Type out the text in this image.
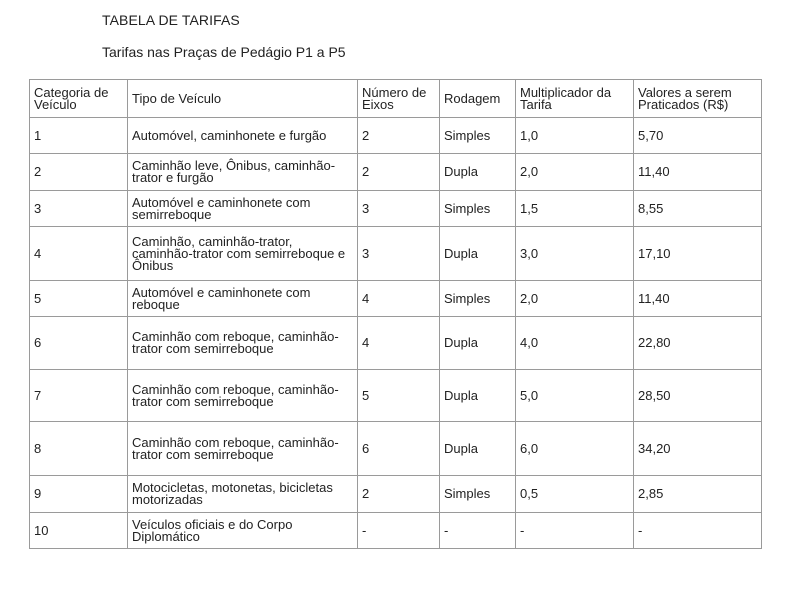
TABELA DE TARIFAS
Tarifas nas Praças de Pedágio P1 a P5
Categoria de Veículo	Tipo de Veículo	Número de Eixos	Rodagem	Multiplicador da Tarifa	Valores a serem Praticados (R$)
1	Automóvel, caminhonete e furgão	2	Simples	1,0	5,70
2	Caminhão leve, Ônibus, caminhão-trator e furgão	2	Dupla	2,0	11,40
3	Automóvel e caminhonete com semirreboque	3	Simples	1,5	8,55
4	Caminhão, caminhão-trator, caminhão-trator com semirreboque e Ônibus	3	Dupla	3,0	17,10
5	Automóvel e caminhonete com reboque	4	Simples	2,0	11,40
6	Caminhão com reboque, caminhão-trator com semirreboque	4	Dupla	4,0	22,80
7	Caminhão com reboque, caminhão-trator com semirreboque	5	Dupla	5,0	28,50
8	Caminhão com reboque, caminhão-trator com semirreboque	6	Dupla	6,0	34,20
9	Motocicletas, motonetas, bicicletas motorizadas	2	Simples	0,5	2,85
10	Veículos oficiais e do Corpo Diplomático	-	-	-	-
